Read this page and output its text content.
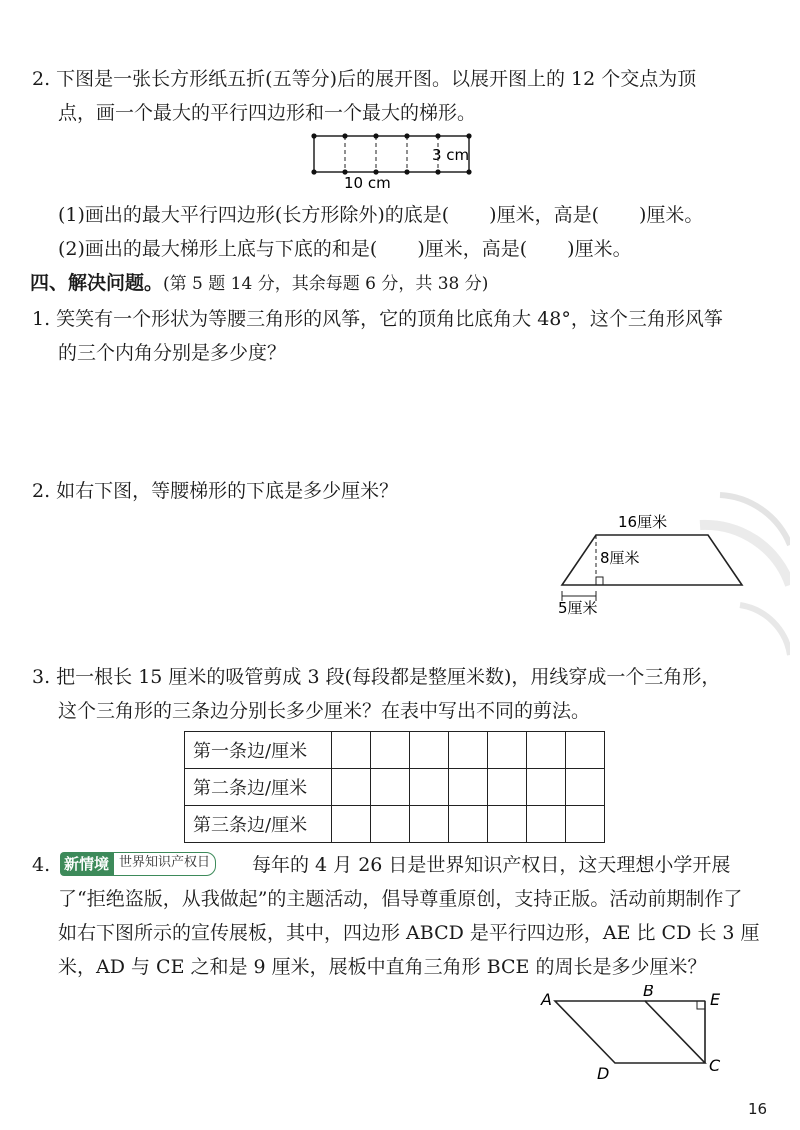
2. 下图是一张长方形纸五折(五等分)后的展开图。以展开图上的 12 个交点为顶
点，画一个最大的平行四边形和一个最大的梯形。
3 cm
10 cm
(1)画出的最大平行四边形(长方形除外)的底是( )厘米，高是( )厘米。
(2)画出的最大梯形上底与下底的和是( )厘米，高是( )厘米。
四、解决问题。(第 5 题 14 分，其余每题 6 分，共 38 分)
1. 笑笑有一个形状为等腰三角形的风筝，它的顶角比底角大 48°，这个三角形风筝
的三个内角分别是多少度？
2. 如右下图，等腰梯形的下底是多少厘米？
16厘米
8厘米
5厘米
3. 把一根长 15 厘米的吸管剪成 3 段(每段都是整厘米数)，用线穿成一个三角形，
这个三角形的三条边分别长多少厘米？在表中写出不同的剪法。
第一条边/厘米							
第二条边/厘米							
第三条边/厘米							
4. 新情境 世界知识产权日	每年的 4 月 26 日是世界知识产权日，这天理想小学开展
了“拒绝盗版，从我做起”的主题活动，倡导尊重原创，支持正版。活动前期制作了
如右下图所示的宣传展板，其中，四边形 ABCD 是平行四边形，AE 比 CD 长 3 厘
米，AD 与 CE 之和是 9 厘米，展板中直角三角形 BCE 的周长是多少厘米？
A	B	E
C
D
16
